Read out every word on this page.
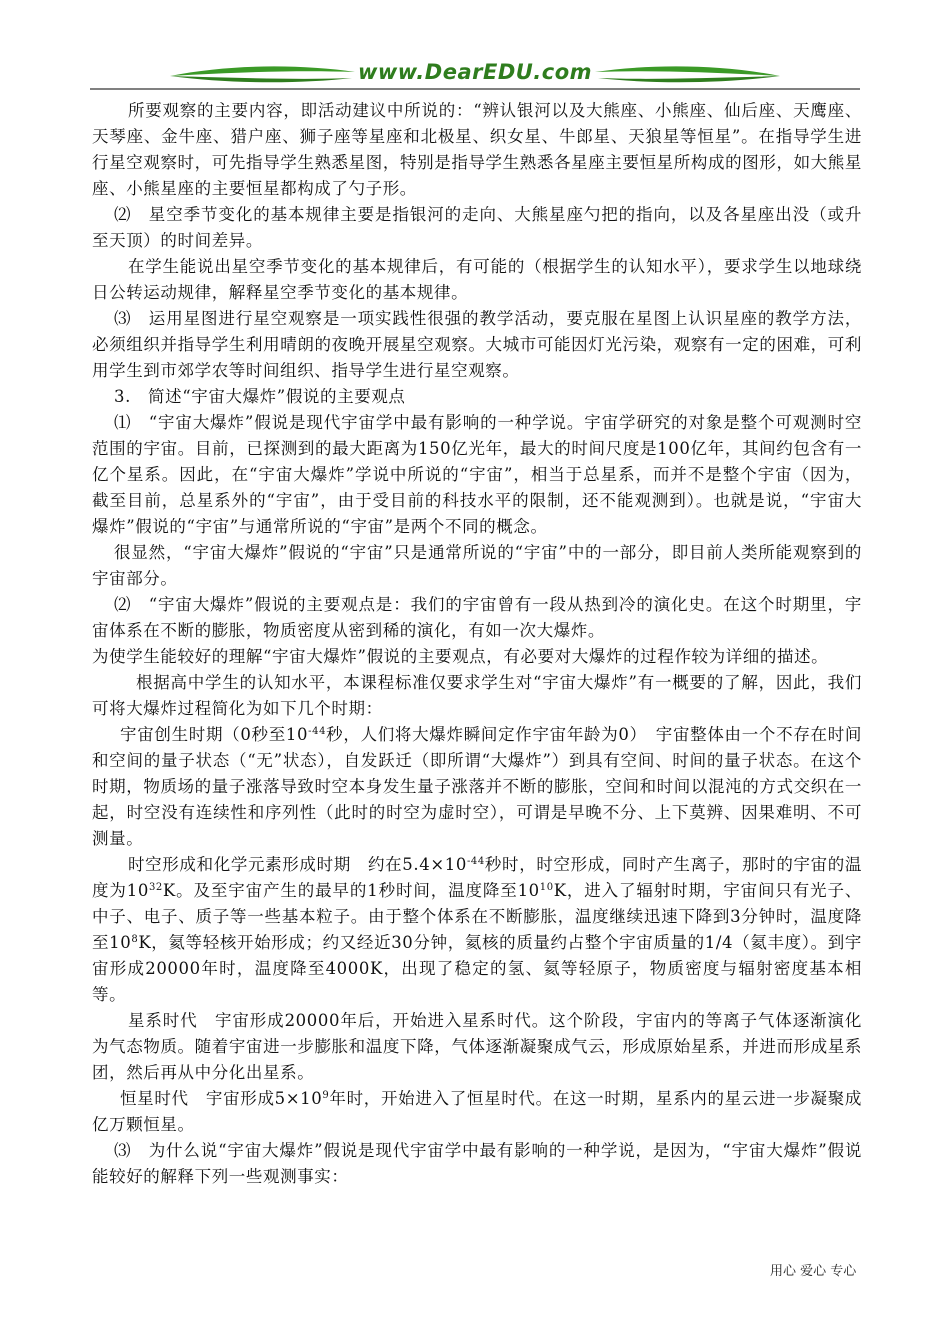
www.DearEDU.com

所要观察的主要内容，即活动建议中所说的：“辨认银河以及大熊座、小熊座、仙后座、天鹰座、天琴座、金牛座、猎户座、狮子座等星座和北极星、织女星、牛郎星、天狼星等恒星”。在指导学生进行星空观察时，可先指导学生熟悉星图，特别是指导学生熟悉各星座主要恒星所构成的图形，如大熊星座、小熊星座的主要恒星都构成了勺子形。

⑵　星空季节变化的基本规律主要是指银河的走向、大熊星座勺把的指向，以及各星座出没（或升至天顶）的时间差异。

在学生能说出星空季节变化的基本规律后，有可能的（根据学生的认知水平），要求学生以地球绕日公转运动规律，解释星空季节变化的基本规律。

⑶　运用星图进行星空观察是一项实践性很强的教学活动，要克服在星图上认识星座的教学方法，必须组织并指导学生利用晴朗的夜晚开展星空观察。大城市可能因灯光污染，观察有一定的困难，可利用学生到市郊学农等时间组织、指导学生进行星空观察。

3.　简述“宇宙大爆炸”假说的主要观点

⑴　“宇宙大爆炸”假说是现代宇宙学中最有影响的一种学说。宇宙学研究的对象是整个可观测时空范围的宇宙。目前，已探测到的最大距离为150亿光年，最大的时间尺度是100亿年，其间约包含有一亿个星系。因此，在“宇宙大爆炸”学说中所说的“宇宙”，相当于总星系，而并不是整个宇宙（因为，截至目前，总星系外的“宇宙”，由于受目前的科技水平的限制，还不能观测到）。也就是说，“宇宙大爆炸”假说的“宇宙”与通常所说的“宇宙”是两个不同的概念。

很显然，“宇宙大爆炸”假说的“宇宙”只是通常所说的“宇宙”中的一部分，即目前人类所能观察到的宇宙部分。

⑵　“宇宙大爆炸”假说的主要观点是：我们的宇宙曾有一段从热到冷的演化史。在这个时期里，宇宙体系在不断的膨胀，物质密度从密到稀的演化，有如一次大爆炸。

为使学生能较好的理解“宇宙大爆炸”假说的主要观点，有必要对大爆炸的过程作较为详细的描述。

根据高中学生的认知水平，本课程标准仅要求学生对“宇宙大爆炸”有一概要的了解，因此，我们可将大爆炸过程简化为如下几个时期：

宇宙创生时期（0秒至$10^{-44}$秒，人们将大爆炸瞬间定作宇宙年龄为0）　宇宙整体由一个不存在时间和空间的量子状态（“无”状态），自发跃迁（即所谓“大爆炸”）到具有空间、时间的量子状态。在这个时期，物质场的量子涨落导致时空本身发生量子涨落并不断的膨胀，空间和时间以混沌的方式交织在一起，时空没有连续性和序列性（此时的时空为虚时空），可谓是早晚不分、上下莫辨、因果难明、不可测量。

时空形成和化学元素形成时期　约在$5.4\times 10^{-44}$秒时，时空形成，同时产生离子，那时的宇宙的温度为$10^{32}K$。及至宇宙产生的最早的1秒时间，温度降至$10^{10}K$，进入了辐射时期，宇宙间只有光子、中子、电子、质子等一些基本粒子。由于整个体系在不断膨胀，温度继续迅速下降到3分钟时，温度降至$10^8K$，氦等轻核开始形成；约又经近30分钟，氦核的质量约占整个宇宙质量的1/4（氦丰度）。到宇宙形成20000年时，温度降至4000K，出现了稳定的氢、氦等轻原子，物质密度与辐射密度基本相等。

星系时代　宇宙形成20000年后，开始进入星系时代。这个阶段，宇宙内的等离子气体逐渐演化为气态物质。随着宇宙进一步膨胀和温度下降，气体逐渐凝聚成气云，形成原始星系，并进而形成星系团，然后再从中分化出星系。

恒星时代　宇宙形成$5\times 10^9$年时，开始进入了恒星时代。在这一时期，星系内的星云进一步凝聚成亿万颗恒星。

⑶　为什么说“宇宙大爆炸”假说是现代宇宙学中最有影响的一种学说，是因为，“宇宙大爆炸”假说能较好的解释下列一些观测事实：

用心 爱心 专心
